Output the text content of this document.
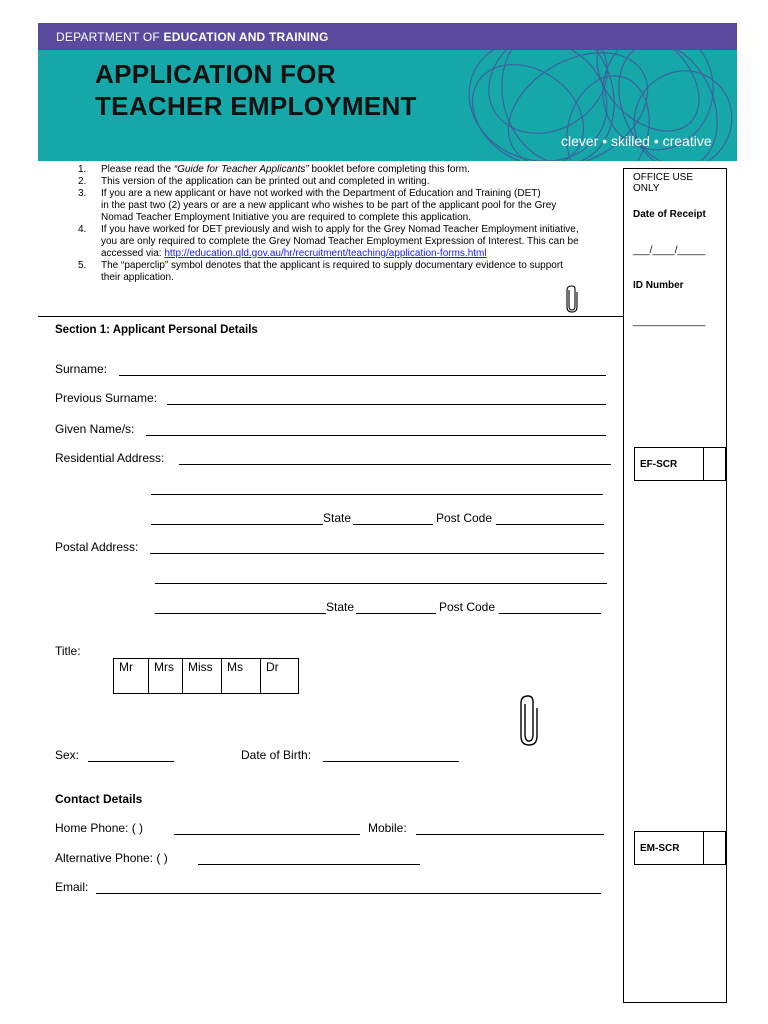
DEPARTMENT OF EDUCATION AND TRAINING
APPLICATION FOR
TEACHER EMPLOYMENT
clever • skilled • creative
1. Please read the “Guide for Teacher Applicants” booklet before completing this form.
2. This version of the application can be printed out and completed in writing.
3. If you are a new applicant or have not worked with the Department of Education and Training (DET)
in the past two (2) years or are a new applicant who wishes to be part of the applicant pool for the Grey
Nomad Teacher Employment Initiative you are required to complete this application.
4. If you have worked for DET previously and wish to apply for the Grey Nomad Teacher Employment initiative,
you are only required to complete the Grey Nomad Teacher Employment Expression of Interest. This can be
accessed via: http://education.qld.gov.au/hr/recruitment/teaching/application-forms.html
5. The “paperclip” symbol denotes that the applicant is required to supply documentary evidence to support
their application.
OFFICE USE
ONLY
Date of Receipt
___/____/_____
ID Number
_____________
EF-SCR
EM-SCR
Section 1: Applicant Personal Details
Surname:
Previous Surname:
Given Name/s:
Residential Address:
State	Post Code
Postal Address:
State	Post Code
Title:
Mr	Mrs	Miss	Ms	Dr
Sex:	Date of Birth:
Contact Details
Home Phone: ( )	Mobile:
Alternative Phone: ( )
Email:
